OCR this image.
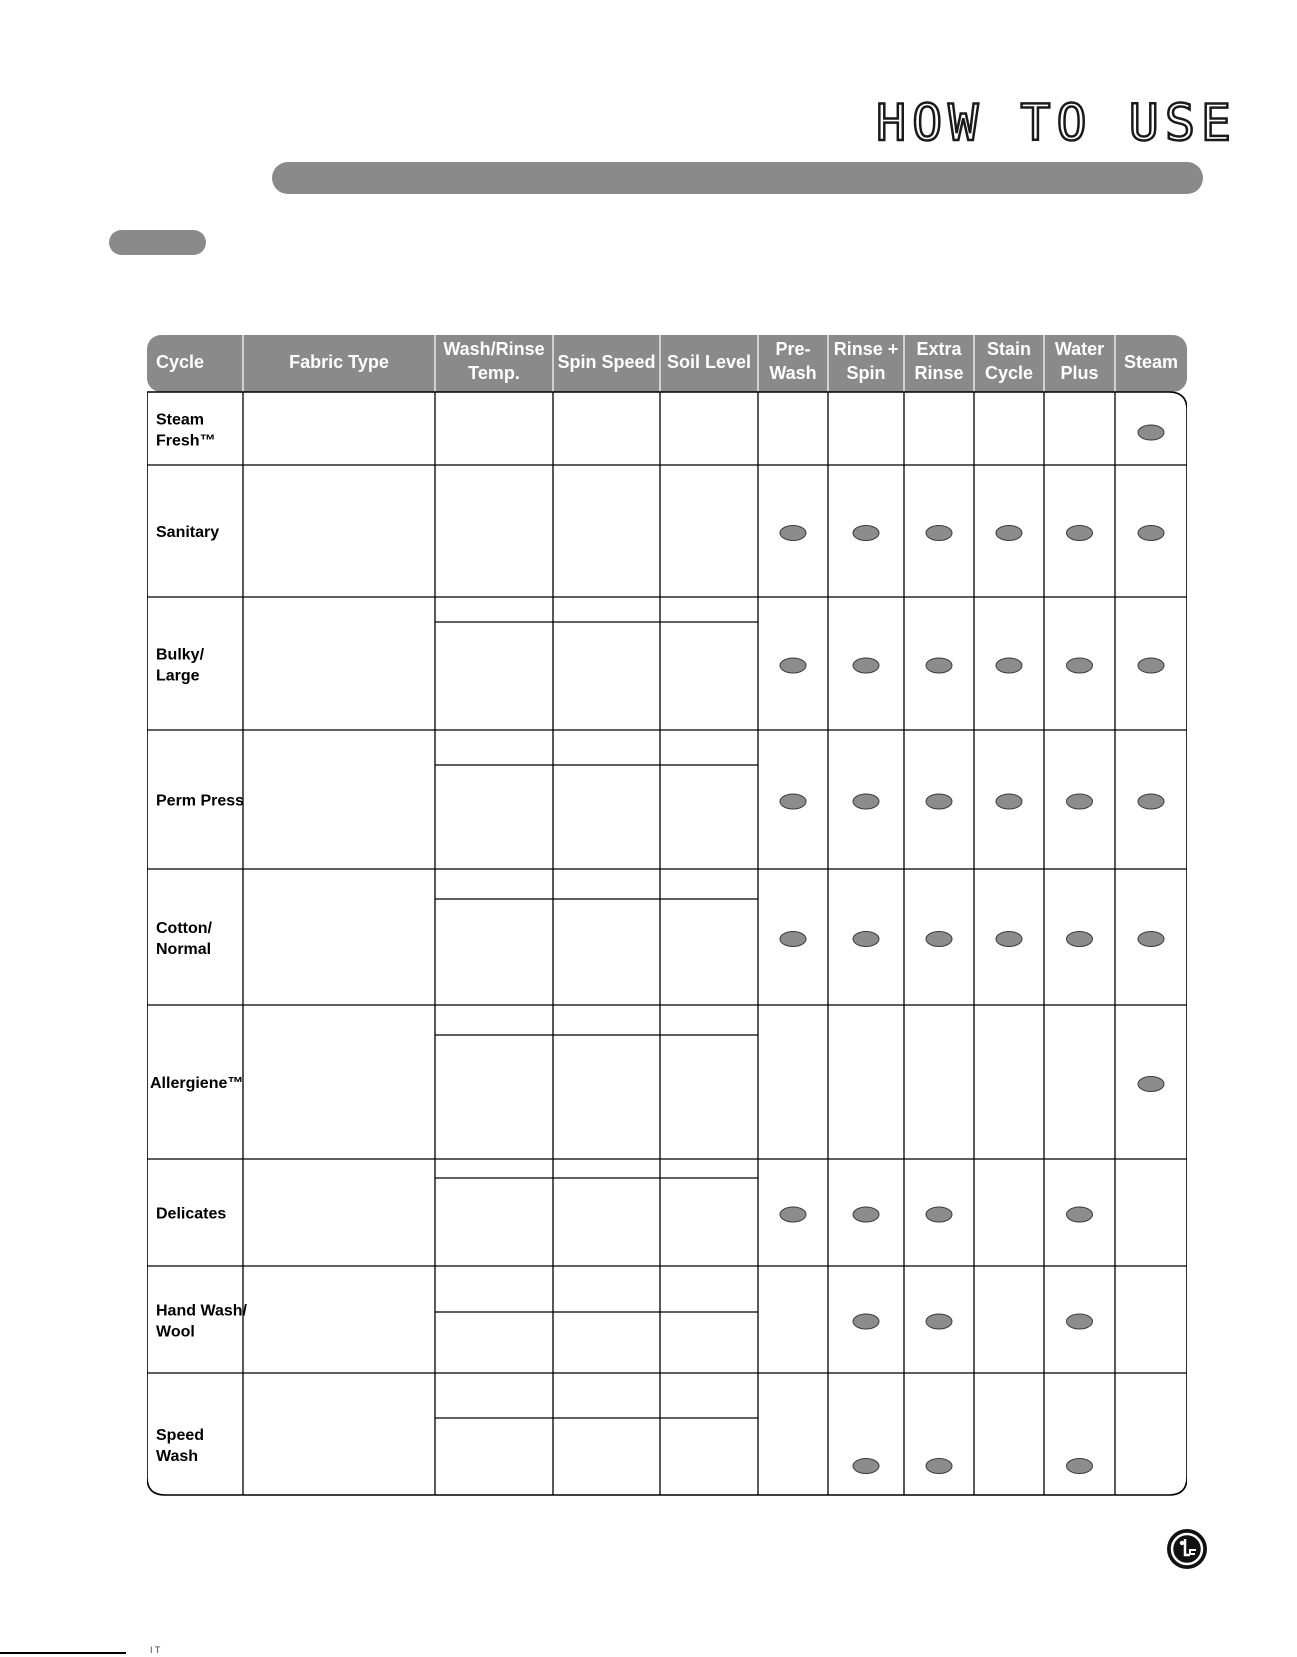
HOW TO USE
Cycle	Fabric Type
Wash/Rinse
Temp.
Spin Speed Soil Level
Pre-
Wash
Rinse +
Spin
Extra
Rinse
Stain
Cycle
Water
Plus
Steam
Steam
Fresh™
Sanitary
Bulky/
Large
Perm Press
Cotton/
Normal
Allergiene™
Delicates
Hand Wash/
Wool
Speed
Wash
I T
